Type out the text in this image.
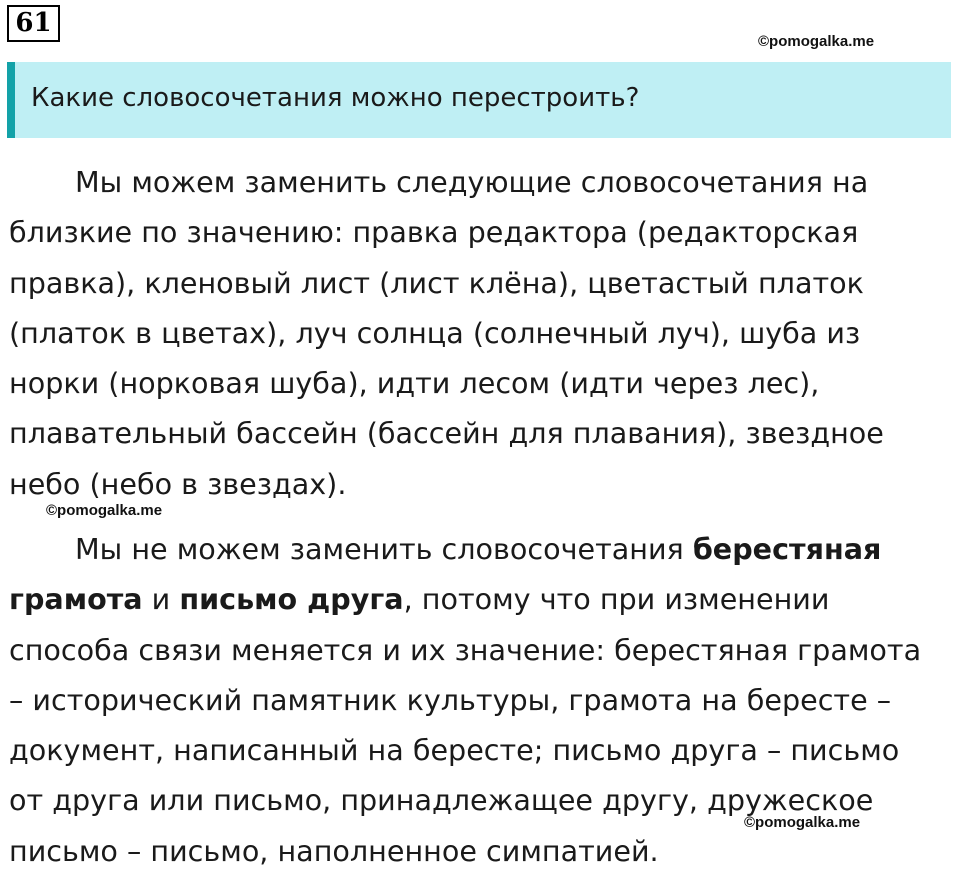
61
©pomogalka.me
Какие словосочетания можно перестроить?
Мы можем заменить следующие словосочетания на
близкие по значению: правка редактора (редакторская
правка), кленовый лист (лист клёна), цветастый платок
(платок в цветах), луч солнца (солнечный луч), шуба из
норки (норковая шуба), идти лесом (идти через лес),
плавательный бассейн (бассейн для плавания), звездное
небо (небо в звездах).
©pomogalka.me
Мы не можем заменить словосочетания берестяная
грамота и письмо друга, потому что при изменении
способа связи меняется и их значение: берестяная грамота
– исторический памятник культуры, грамота на бересте –
документ, написанный на бересте; письмо друга – письмо
от друга или письмо, принадлежащее другу, дружеское
письмо – письмо, наполненное симпатией.
©pomogalka.me
